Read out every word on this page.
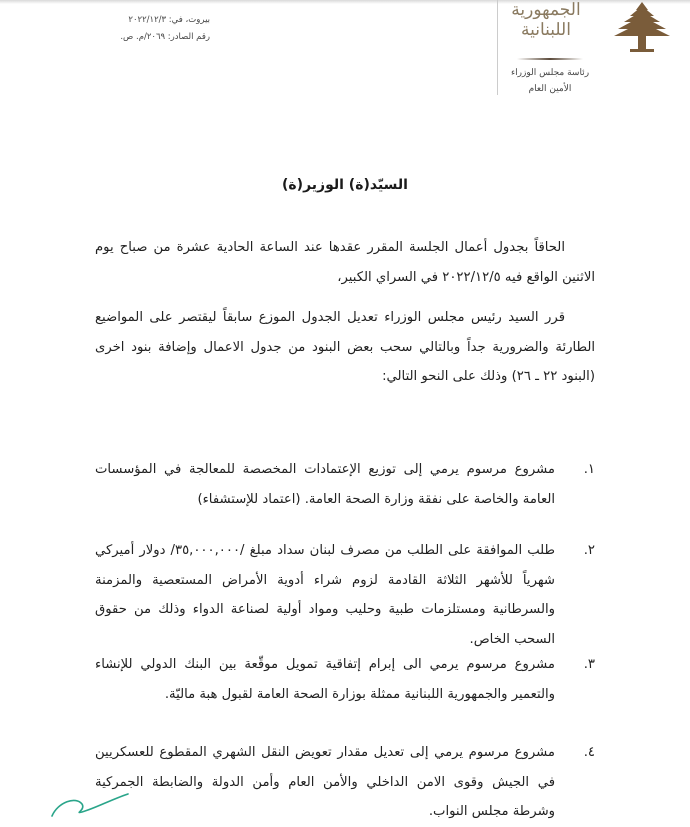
بيروت، في: ٢٠٢٢/١٢/٣
رقم الصادر: ٢٠٦٩/م. ص.
الجمهورية
اللبنانية
رئاسة مجلس الوزراء
الأمين العام
السيّد(ة) الوزير(ة)
الحاقاً بجدول أعمال الجلسة المقرر عقدها عند الساعة الحادية عشرة من صباح يوم الاثنين الواقع فيه ٢٠٢٢/١٢/٥ في السراي الكبير،
قرر السيد رئيس مجلس الوزراء تعديل الجدول الموزع سابقاً ليقتصر على المواضيع الطارئة والضرورية جداً وبالتالي سحب بعض البنود من جدول الاعمال وإضافة بنود اخرى (البنود ٢٢ ـ ٢٦) وذلك على النحو التالي:
١.
مشروع مرسوم يرمي إلى توزيع الإعتمادات المخصصة للمعالجة في المؤسسات العامة والخاصة على نفقة وزارة الصحة العامة. (اعتماد للإستشفاء)
٢.
طلب الموافقة على الطلب من مصرف لبنان سداد مبلغ /٣٥,٠٠٠,٠٠٠/ دولار أميركي شهرياً للأشهر الثلاثة القادمة لزوم شراء أدوية الأمراض المستعصية والمزمنة والسرطانية ومستلزمات طبية وحليب ومواد أولية لصناعة الدواء وذلك من حقوق السحب الخاص.
٣.
مشروع مرسوم يرمي الى إبرام إتفاقية تمويل موقّعة بين البنك الدولي للإنشاء والتعمير والجمهورية اللبنانية ممثلة بوزارة الصحة العامة لقبول هبة ماليّة.
٤.
مشروع مرسوم يرمي إلى تعديل مقدار تعويض النقل الشهري المقطوع للعسكريين في الجيش وقوى الامن الداخلي والأمن العام وأمن الدولة والضابطة الجمركية وشرطة مجلس النواب.
